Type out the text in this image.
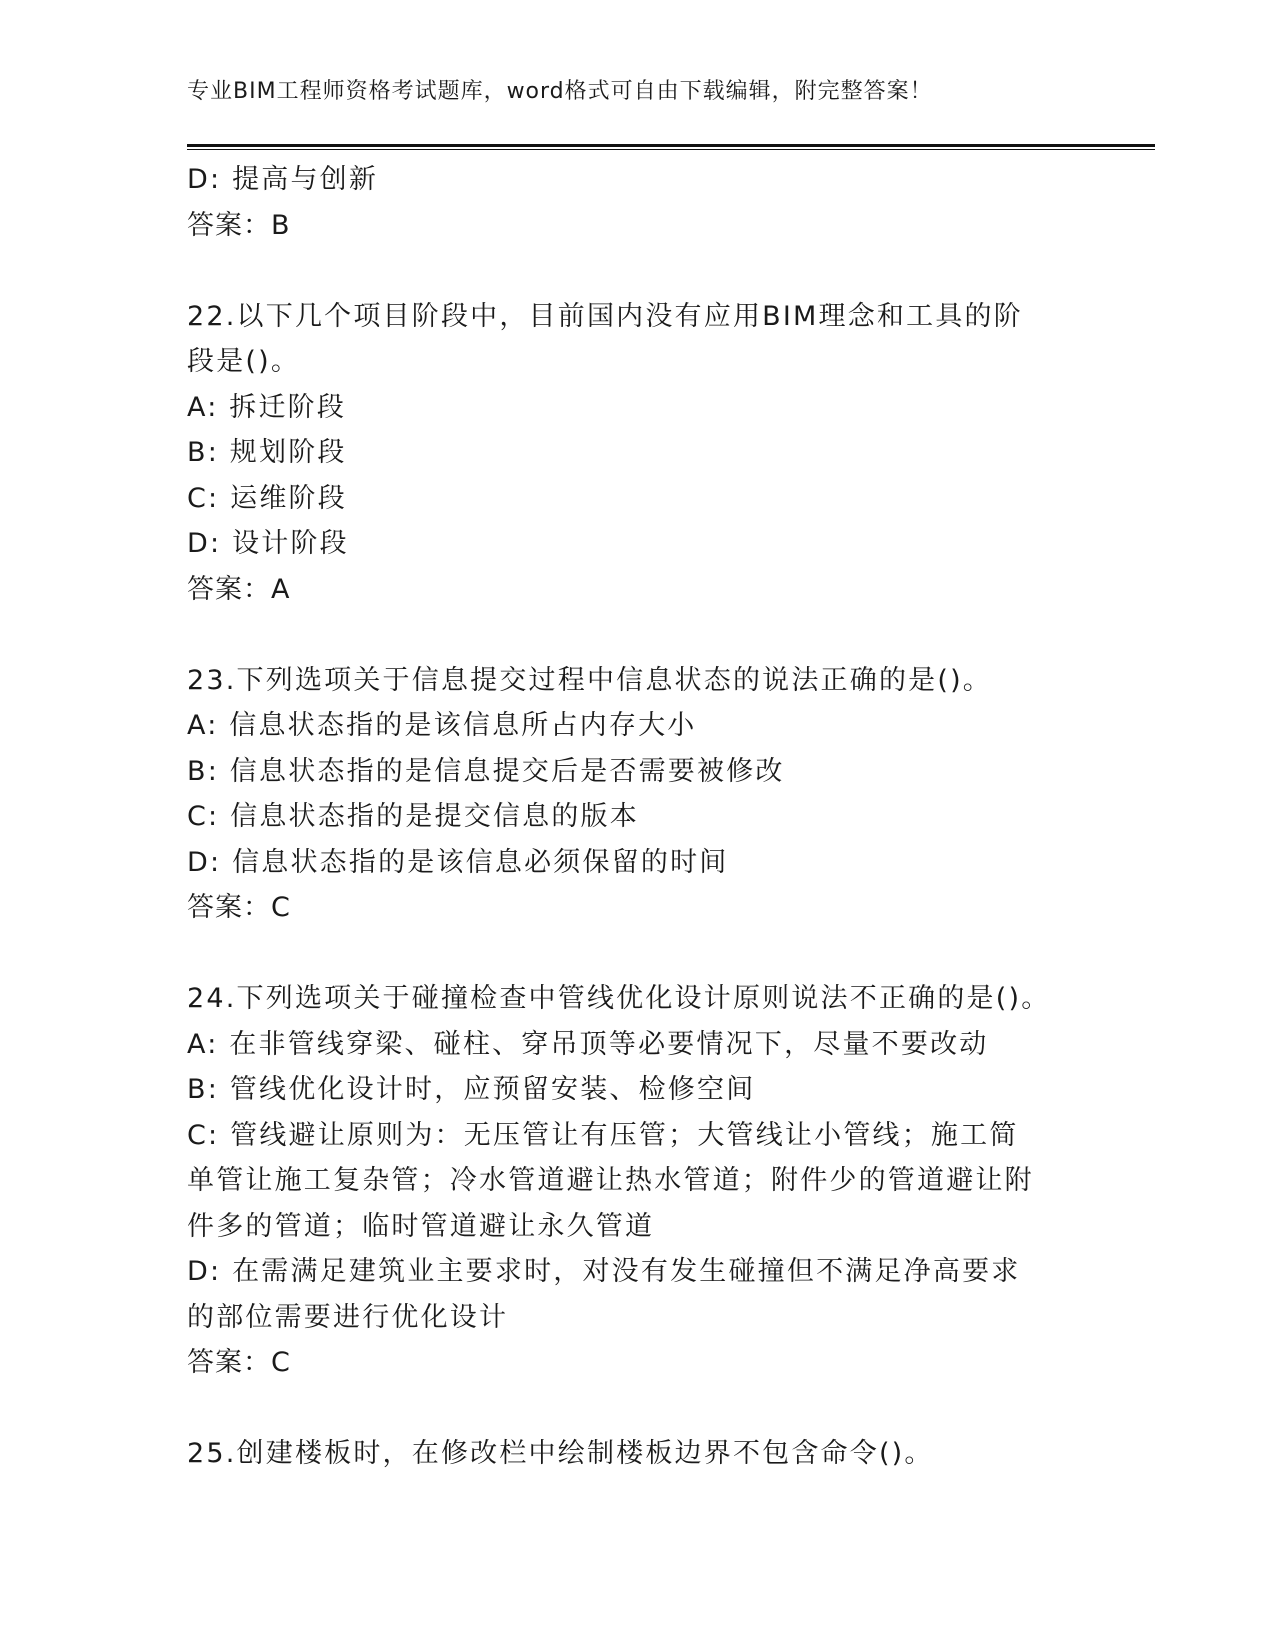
专业BIM工程师资格考试题库，word格式可自由下载编辑，附完整答案！
D: 提高与创新
答案：B
22.以下几个项目阶段中，目前国内没有应用BIM理念和工具的阶段是()。
A: 拆迁阶段
B: 规划阶段
C: 运维阶段
D: 设计阶段
答案：A
23.下列选项关于信息提交过程中信息状态的说法正确的是()。
A: 信息状态指的是该信息所占内存大小
B: 信息状态指的是信息提交后是否需要被修改
C: 信息状态指的是提交信息的版本
D: 信息状态指的是该信息必须保留的时间
答案：C
24.下列选项关于碰撞检查中管线优化设计原则说法不正确的是()。
A: 在非管线穿梁、碰柱、穿吊顶等必要情况下，尽量不要改动
B: 管线优化设计时，应预留安装、检修空间
C: 管线避让原则为：无压管让有压管；大管线让小管线；施工简单管让施工复杂管；冷水管道避让热水管道；附件少的管道避让附件多的管道；临时管道避让永久管道
D: 在需满足建筑业主要求时，对没有发生碰撞但不满足净高要求的部位需要进行优化设计
答案：C
25.创建楼板时，在修改栏中绘制楼板边界不包含命令()。
